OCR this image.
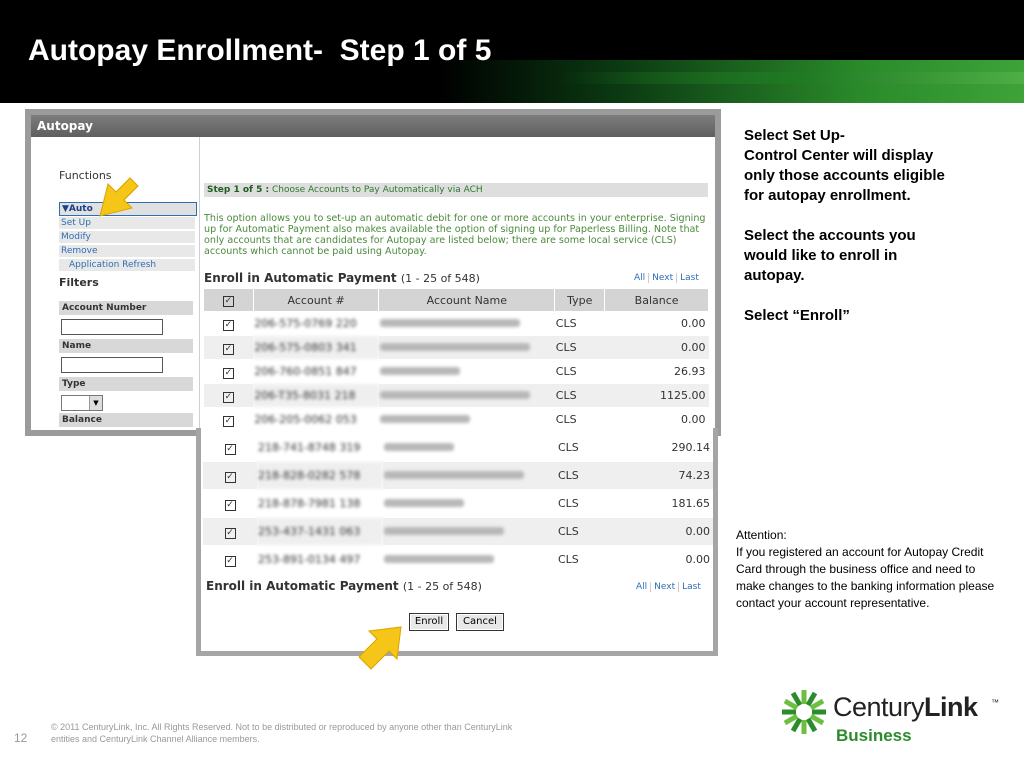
Autopay Enrollment-  Step 1 of 5
Autopay
Functions
▼Auto
Set Up
Modify
Remove
Application Refresh
Filters
Account Number
Name
Type
▼
Balance
Step 1 of 5 : Choose Accounts to Pay Automatically via ACH
This option allows you to set-up an automatic debit for one or more accounts in your enterprise. Signing up for Automatic Payment also makes available the option of signing up for Paperless Billing. Note that only accounts that are candidates for Autopay are listed below; there are some local service (CLS) accounts which cannot be paid using Autopay.
Enroll in Automatic Payment (1 - 25 of 548)	All Next Last
✓	Account #	Account Name	Type	Balance
✓	206-575-0769 220		CLS	0.00
✓	206-575-0803 341		CLS	0.00
✓	206-760-0851 847		CLS	26.93
✓	206-T35-8031 218		CLS	1125.00
✓	206-205-0062 053		CLS	0.00

✓	218-741-8748 319		CLS	290.14
✓	218-828-0282 578		CLS	74.23
✓	218-878-7981 138		CLS	181.65
✓	253-437-1431 063		CLS	0.00
✓	253-891-0134 497		CLS	0.00
Enroll in Automatic Payment (1 - 25 of 548)	All Next Last
Enroll	Cancel
Select Set Up-
Control Center will display
only those accounts eligible
for autopay enrollment.
Select the accounts you
would like to enroll in
autopay.
Select “Enroll”
Attention:
If you registered an account for Autopay Credit Card through the business office and need to make changes to the banking information please contact your account representative.
12
© 2011 CenturyLink, Inc. All Rights Reserved. Not to be distributed or reproduced by anyone other than CenturyLink entities and CenturyLink Channel Alliance members.
CenturyLink ™
Business
